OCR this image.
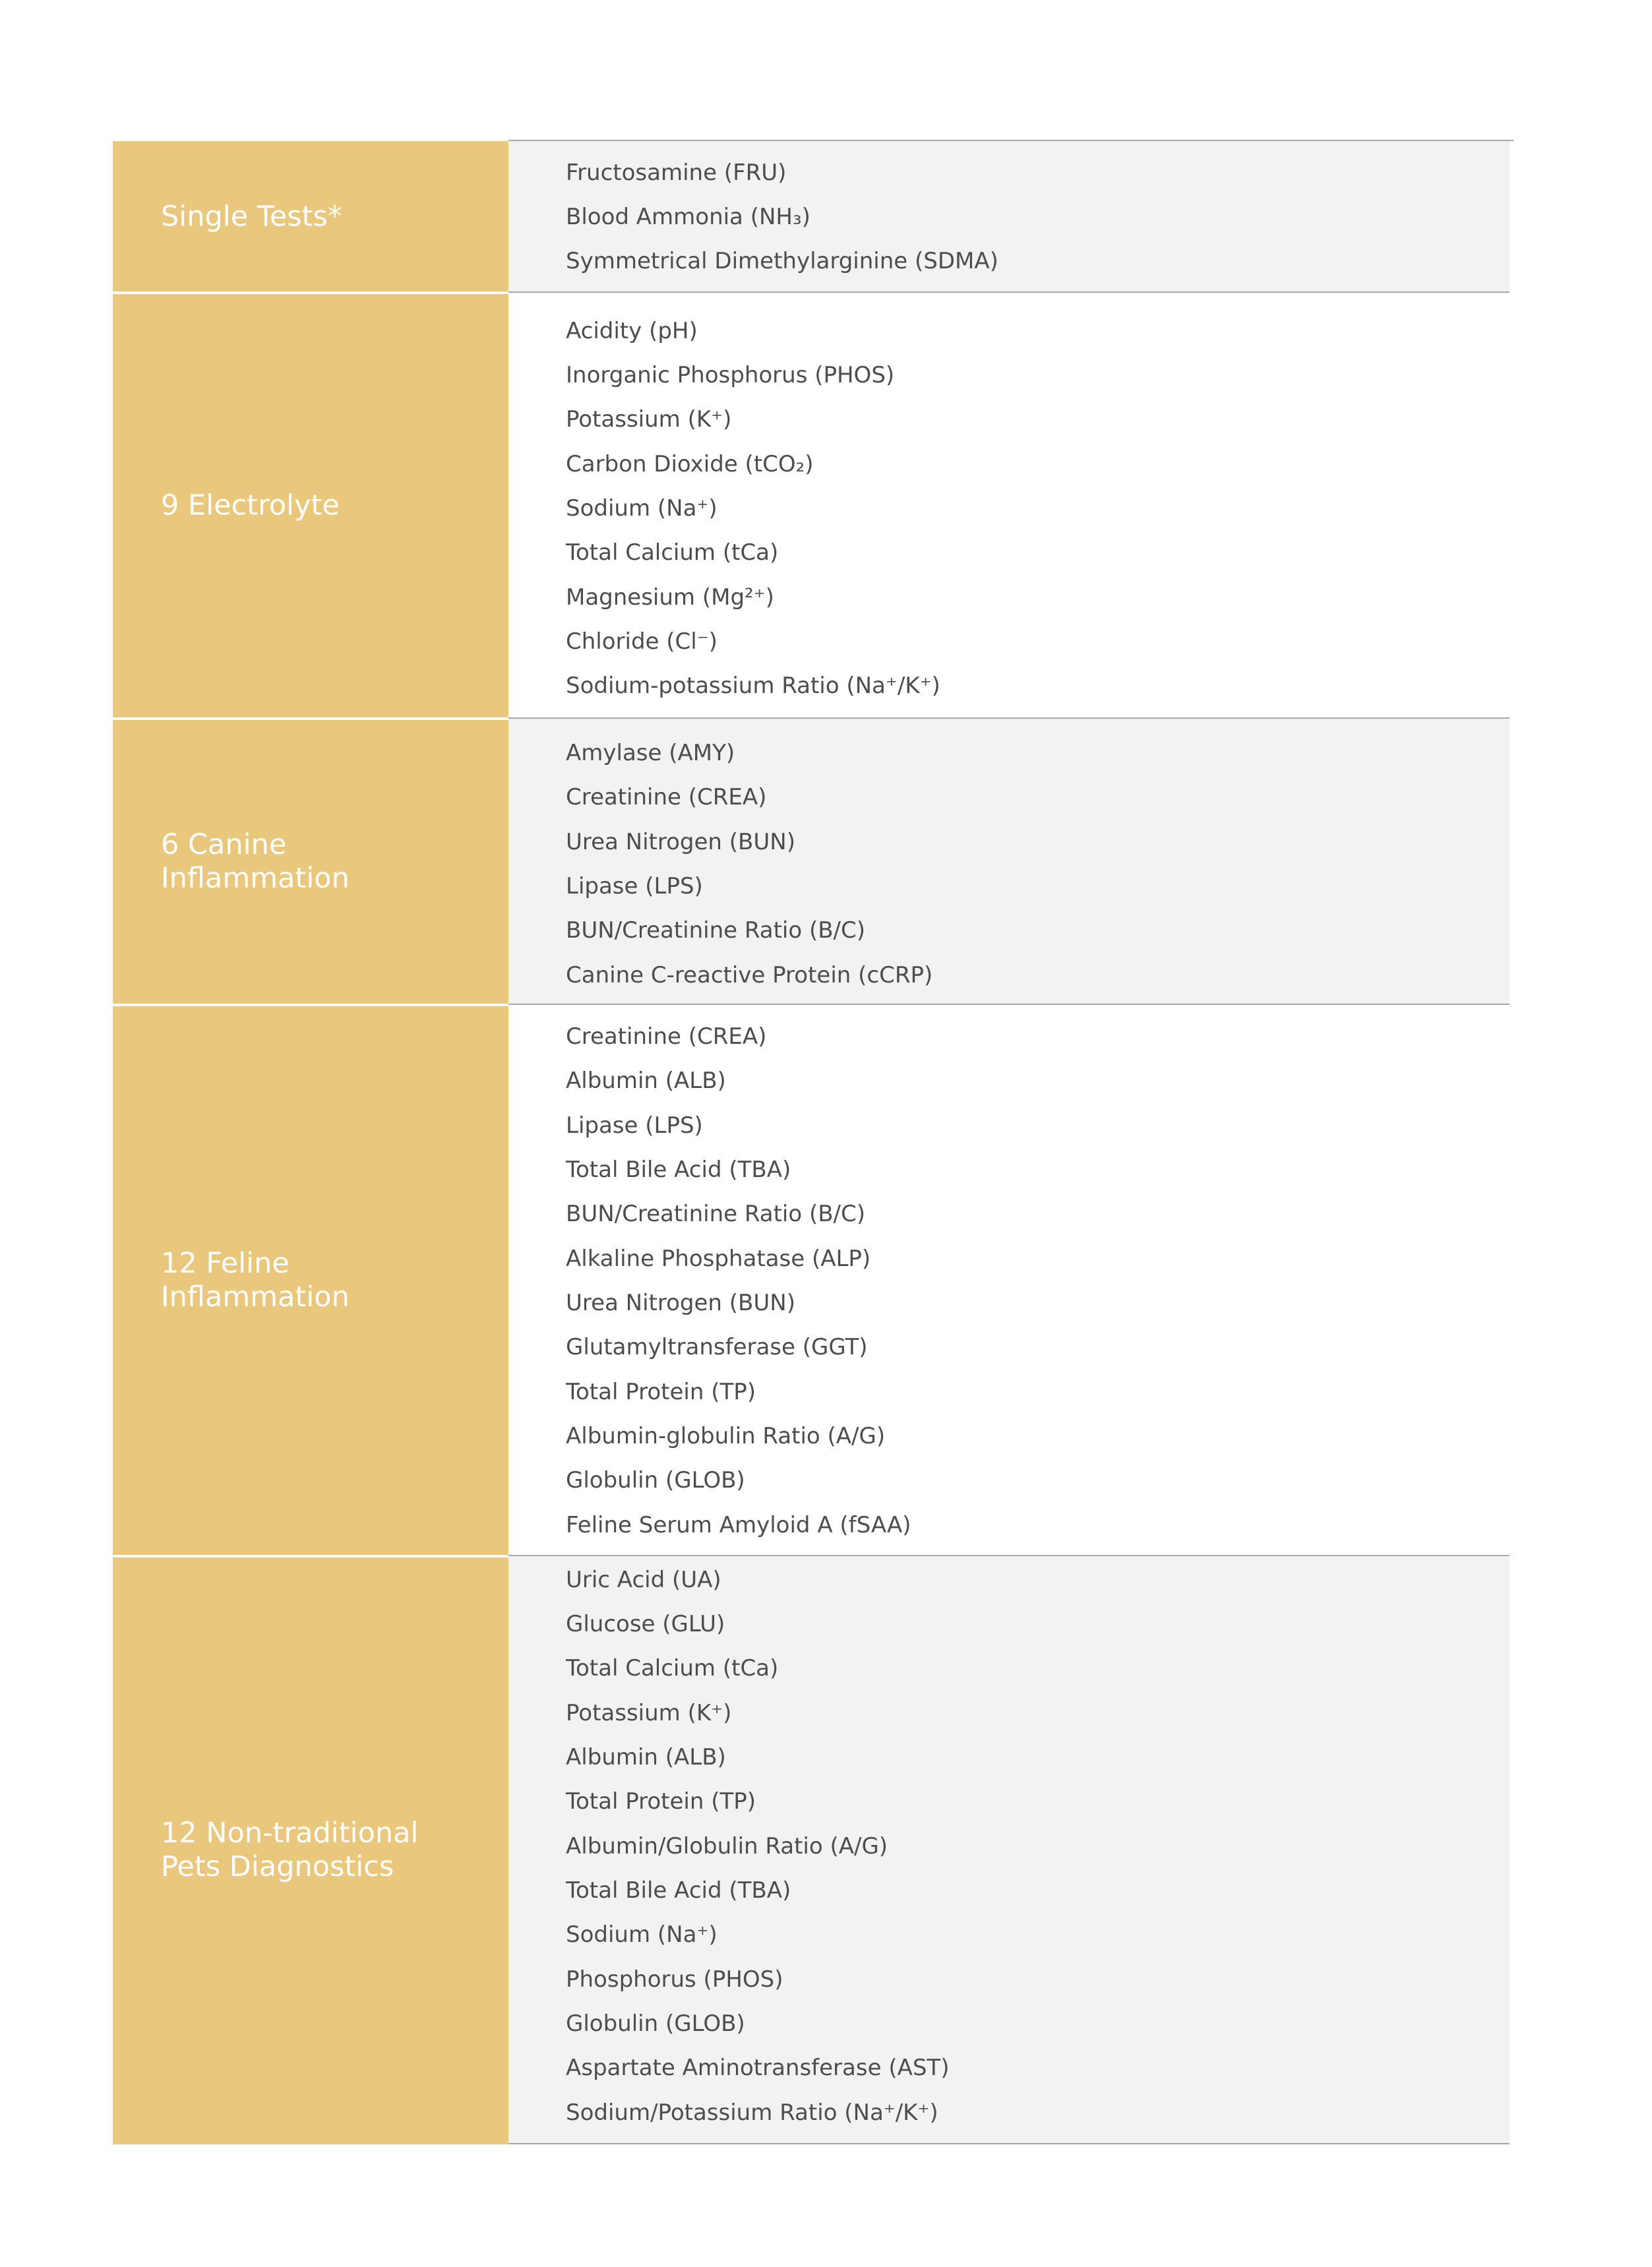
Single Tests*
Fructosamine (FRU)
Blood Ammonia (NH₃)
Symmetrical Dimethylarginine (SDMA)
9 Electrolyte
Acidity (pH)
Inorganic Phosphorus (PHOS)
Potassium (K⁺)
Carbon Dioxide (tCO₂)
Sodium (Na⁺)
Total Calcium (tCa)
Magnesium (Mg²⁺)
Chloride (Cl⁻)
Sodium-potassium Ratio (Na⁺/K⁺)
6 Canine
Inflammation
Amylase (AMY)
Creatinine (CREA)
Urea Nitrogen (BUN)
Lipase (LPS)
BUN/Creatinine Ratio (B/C)
Canine C-reactive Protein (cCRP)
12 Feline
Inflammation
Creatinine (CREA)
Albumin (ALB)
Lipase (LPS)
Total Bile Acid (TBA)
BUN/Creatinine Ratio (B/C)
Alkaline Phosphatase (ALP)
Urea Nitrogen (BUN)
Glutamyltransferase (GGT)
Total Protein (TP)
Albumin-globulin Ratio (A/G)
Globulin (GLOB)
Feline Serum Amyloid A (fSAA)
12 Non-traditional
Pets Diagnostics
Uric Acid (UA)
Glucose (GLU)
Total Calcium (tCa)
Potassium (K⁺)
Albumin (ALB)
Total Protein (TP)
Albumin/Globulin Ratio (A/G)
Total Bile Acid (TBA)
Sodium (Na⁺)
Phosphorus (PHOS)
Globulin (GLOB)
Aspartate Aminotransferase (AST)
Sodium/Potassium Ratio (Na⁺/K⁺)
